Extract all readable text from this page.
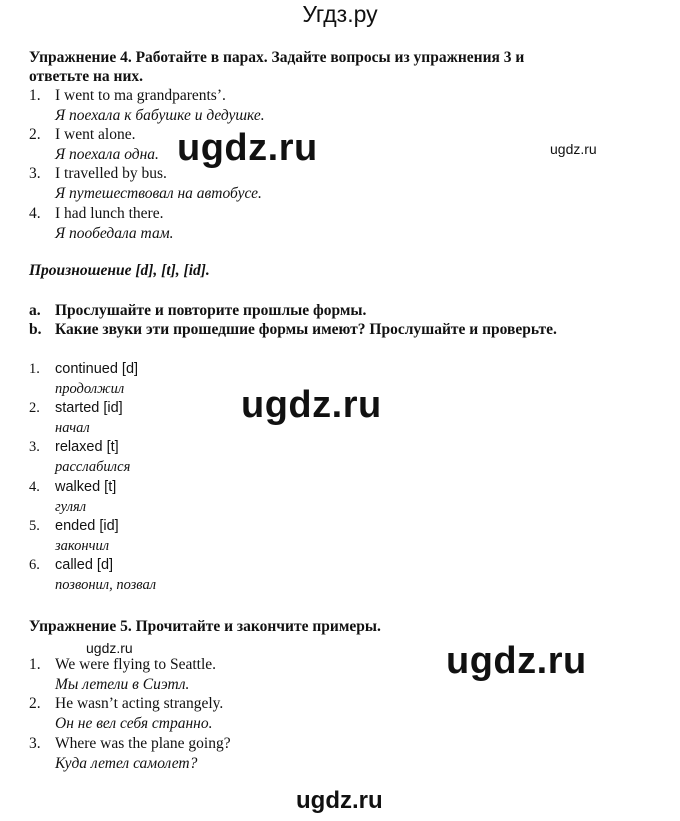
Угдз.ру
Упражнение 4. Работайте в парах. Задайте вопросы из упражнения 3 и
ответьте на них.
1. I went to ma grandparents’.
Я поехала к бабушке и дедушке.
2. I went alone.
Я поехала одна.
3. I travelled by bus.
Я путешествовал на автобусе.
4. I had lunch there.
Я пообедала там.
Произношение [d], [t], [id].
a. Прослушайте и повторите прошлые формы.
b. Какие звуки эти прошедшие формы имеют? Прослушайте и проверьте.
1. continued [d]
продолжил
2. started [id]
начал
3. relaxed [t]
расслабился
4. walked [t]
гулял
5. ended [id]
закончил
6. called [d]
позвонил, позвал
Упражнение 5. Прочитайте и закончите примеры.
1. We were flying to Seattle.
Мы летели в Сиэтл.
2. He wasn’t acting strangely.
Он не вел себя странно.
3. Where was the plane going?
Куда летел самолет?
ugdz.ru	ugdz.ru
ugdz.ru
ugdz.ru	ugdz.ru
ugdz.ru
